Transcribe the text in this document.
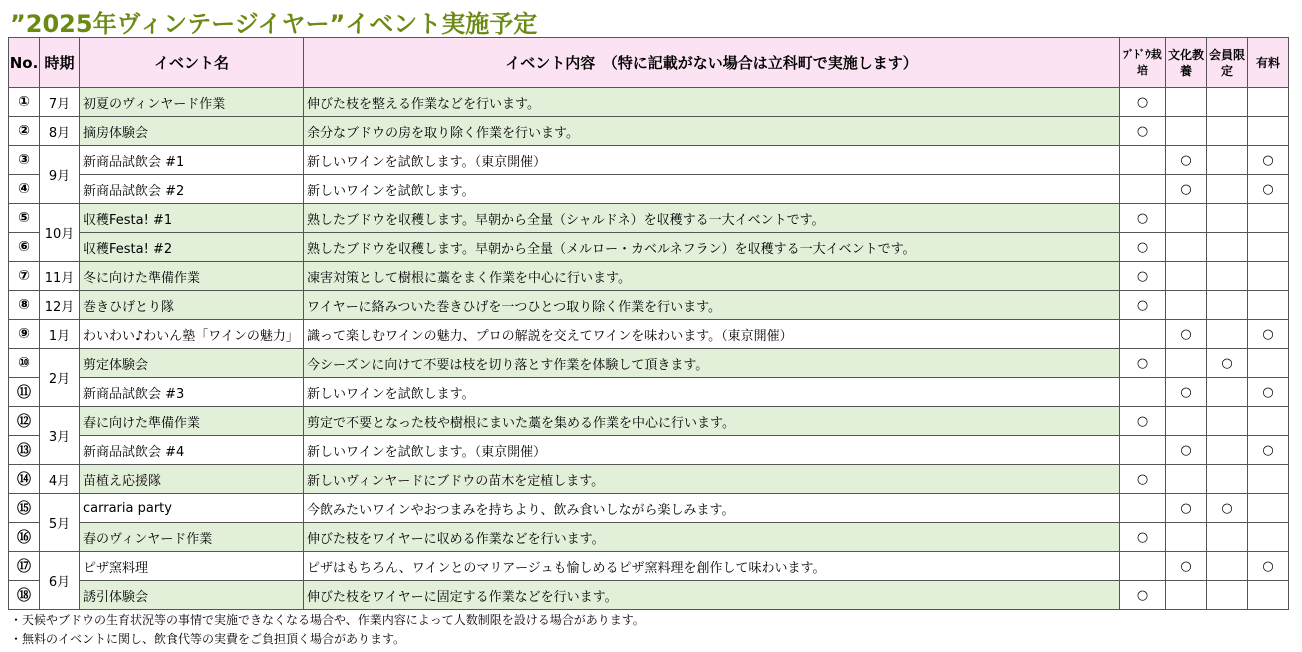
”2025年ヴィンテージイヤー”イベント実施予定
No.	時期	イベント名	イベント内容　（特に記載がない場合は立科町で実施します）	ﾌﾞﾄﾞｳ栽培	文化教養	会員限定	有料
①	7月	初夏のヴィンヤード作業	伸びた枝を整える作業などを行います。	○			
②	8月	摘房体験会	余分なブドウの房を取り除く作業を行います。	○			
③	9月	新商品試飲会 #1	新しいワインを試飲します。（東京開催）		○		○
④		新商品試飲会 #2	新しいワインを試飲します。		○		○
⑤	10月	収穫Festa! #1	熟したブドウを収穫します。早朝から全量（シャルドネ）を収穫する一大イベントです。	○			
⑥		収穫Festa! #2	熟したブドウを収穫します。早朝から全量（メルロー・カベルネフラン）を収穫する一大イベントです。	○			
⑦	11月	冬に向けた準備作業	凍害対策として樹根に藁をまく作業を中心に行います。	○			
⑧	12月	巻きひげとり隊	ワイヤーに絡みついた巻きひげを一つひとつ取り除く作業を行います。	○			
⑨	1月	わいわい♪わいん塾「ワインの魅力」	識って楽しむワインの魅力、プロの解説を交えてワインを味わいます。（東京開催）		○		○
⑩	2月	剪定体験会	今シーズンに向けて不要は枝を切り落とす作業を体験して頂きます。	○		○	
⑪		新商品試飲会 #3	新しいワインを試飲します。		○		○
⑫	3月	春に向けた準備作業	剪定で不要となった枝や樹根にまいた藁を集める作業を中心に行います。	○			
⑬		新商品試飲会 #4	新しいワインを試飲します。（東京開催）		○		○
⑭	4月	苗植え応援隊	新しいヴィンヤードにブドウの苗木を定植します。	○			
⑮	5月	carraria party	今飲みたいワインやおつまみを持ちより、飲み食いしながら楽しみます。		○	○	
⑯		春のヴィンヤード作業	伸びた枝をワイヤーに収める作業などを行います。	○			
⑰	6月	ピザ窯料理	ピザはもちろん、ワインとのマリアージュも愉しめるピザ窯料理を創作して味わいます。		○		○
⑱		誘引体験会	伸びた枝をワイヤーに固定する作業などを行います。	○			
・天候やブドウの生育状況等の事情で実施できなくなる場合や、作業内容によって人数制限を設ける場合があります。
・無料のイベントに関し、飲食代等の実費をご負担頂く場合があります。
